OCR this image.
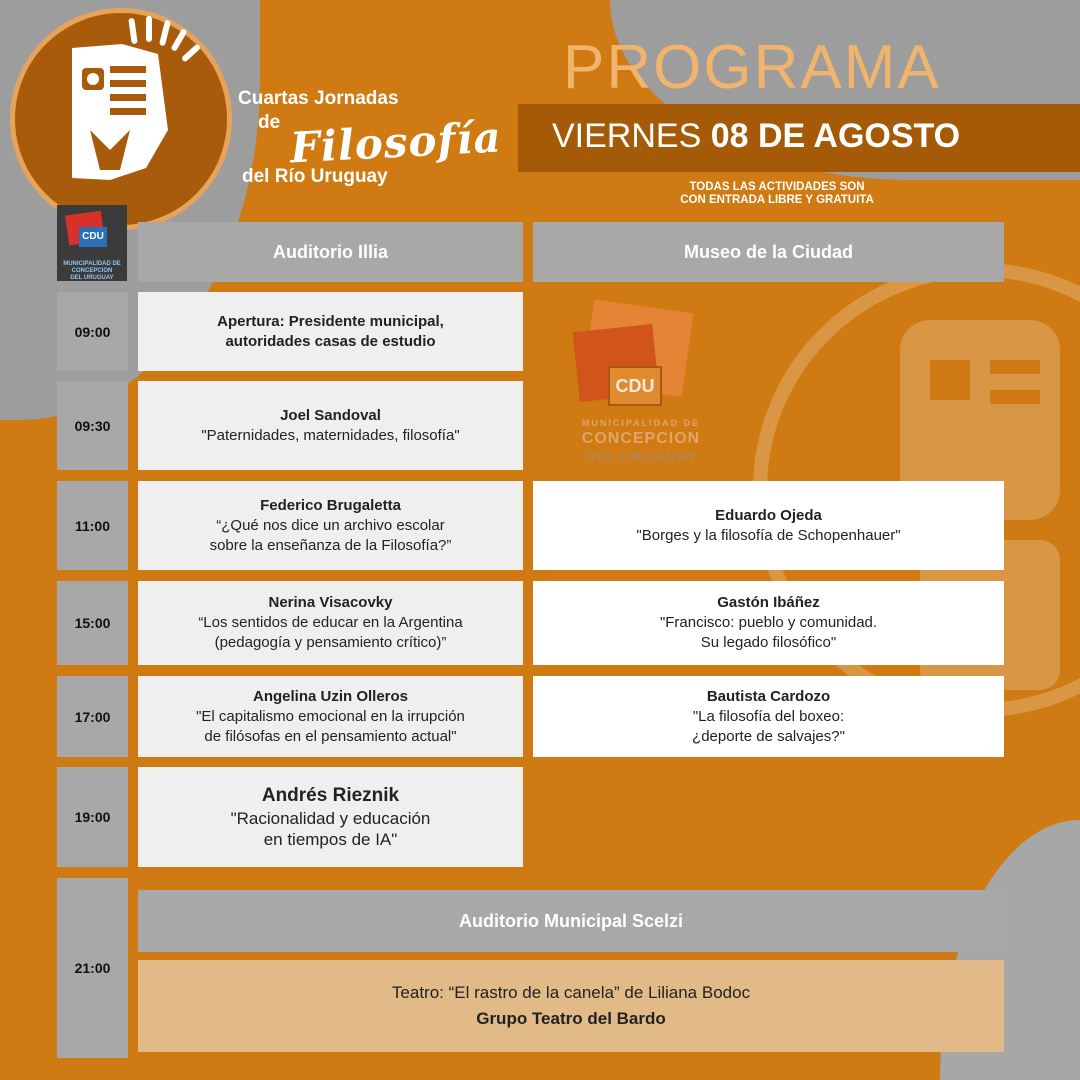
Cuartas Jornadas
de Filosofía
del Río Uruguay
PROGRAMA
VIERNES 08 DE AGOSTO
TODAS LAS ACTIVIDADES SON
CON ENTRADA LIBRE Y GRATUITA
CDU
MUNICIPALIDAD DE
CONCEPCION
DEL URUGUAY
Auditorio Illia	Museo de la Ciudad
CDU
MUNICIPALIDAD DE
CONCEPCION
DEL URUGUAY
09:00
Apertura: Presidente municipal,
autoridades casas de estudio
09:30
Joel Sandoval
"Paternidades, maternidades, filosofía"
11:00
Federico Brugaletta
“¿Qué nos dice un archivo escolar
sobre la enseñanza de la Filosofía?”
Eduardo Ojeda
"Borges y la filosofía de Schopenhauer"
15:00
Nerina Visacovky
“Los sentidos de educar en la Argentina
(pedagogía y pensamiento crítico)”
Gastón Ibáñez
"Francisco: pueblo y comunidad.
Su legado filosófico"
17:00
Angelina Uzin Olleros
"El capitalismo emocional en la irrupción
de filósofas en el pensamiento actual"
Bautista Cardozo
"La filosofía del boxeo:
¿deporte de salvajes?"
19:00
Andrés Rieznik
"Racionalidad y educación
en tiempos de IA"
21:00
Auditorio Municipal Scelzi
Teatro: “El rastro de la canela” de Liliana Bodoc
Grupo Teatro del Bardo
